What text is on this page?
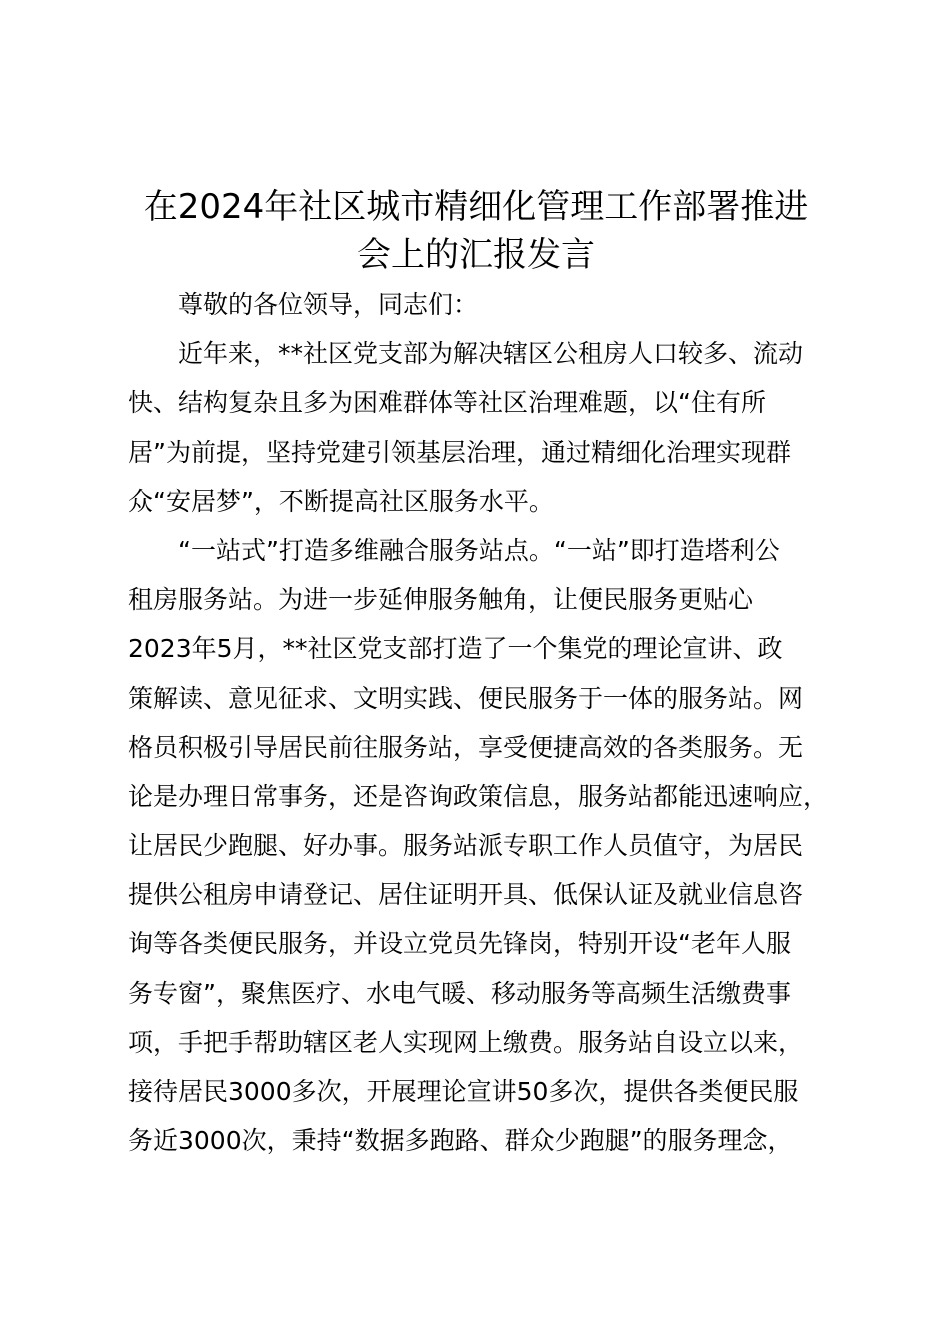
在2024年社区城市精细化管理工作部署推进
会上的汇报发言
尊敬的各位领导，同志们：
近年来，**社区党支部为解决辖区公租房人口较多、流动
快、结构复杂且多为困难群体等社区治理难题，以“住有所
居”为前提，坚持党建引领基层治理，通过精细化治理实现群
众“安居梦”，不断提高社区服务水平。
“一站式”打造多维融合服务站点。“一站”即打造塔利公
租房服务站。为进一步延伸服务触角，让便民服务更贴心
2023年5月，**社区党支部打造了一个集党的理论宣讲、政
策解读、意见征求、文明实践、便民服务于一体的服务站。网
格员积极引导居民前往服务站，享受便捷高效的各类服务。无
论是办理日常事务，还是咨询政策信息，服务站都能迅速响应，
让居民少跑腿、好办事。服务站派专职工作人员值守，为居民
提供公租房申请登记、居住证明开具、低保认证及就业信息咨
询等各类便民服务，并设立党员先锋岗，特别开设“老年人服
务专窗”，聚焦医疗、水电气暖、移动服务等高频生活缴费事
项，手把手帮助辖区老人实现网上缴费。服务站自设立以来，
接待居民3000多次，开展理论宣讲50多次，提供各类便民服
务近3000次，秉持“数据多跑路、群众少跑腿”的服务理念，
